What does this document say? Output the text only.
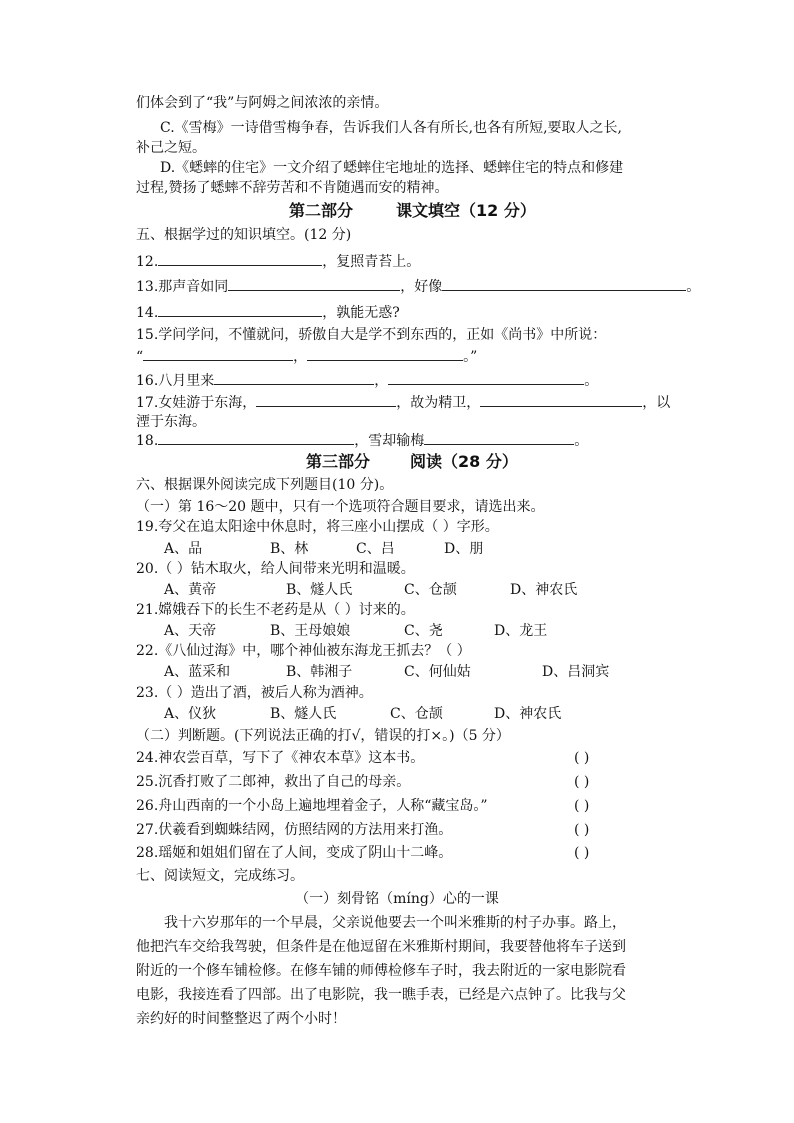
们体会到了“我”与阿姆之间浓浓的亲情。
C.《雪梅》一诗借雪梅争春，告诉我们人各有所长,也各有所短,要取人之长,
补己之短。
D.《蟋蟀的住宅》一文介绍了蟋蟀住宅地址的选择、蟋蟀住宅的特点和修建
过程,赞扬了蟋蟀不辞劳苦和不肯随遇而安的精神。
第二部分	课文填空（12 分）
五、根据学过的知识填空。(12 分)
12.	，复照青苔上。
13.那声音如同	，好像	。
14.	，孰能无惑?
15.学问学问，不懂就问，骄傲自大是学不到东西的，正如《尚书》中所说：
“	，	。”
16.八月里来	，	。
17.女娃游于东海，	，故为精卫，	，以
湮于东海。
18.	，雪却输梅	。
第三部分	阅读（28 分）
六、根据课外阅读完成下列题目(10 分)。
（一）第 16～20 题中，只有一个选项符合题目要求，请选出来。
19.夸父在追太阳途中休息时，将三座小山摆成（ ）字形。
A、品	B、林	C、吕	D、朋
20.（ ）钻木取火，给人间带来光明和温暖。
A、黄帝	B、燧人氏	C、仓颉	D、神农氏
21.嫦娥吞下的长生不老药是从（ ）讨来的。
A、天帝	B、王母娘娘	C、尧	D、龙王
22.《八仙过海》中，哪个神仙被东海龙王抓去？（ ）
A、蓝采和	B、韩湘子	C、何仙姑	D、吕洞宾
23.（ ）造出了酒，被后人称为酒神。
A、仪狄	B、燧人氏	C、仓颉	D、神农氏
（二）判断题。(下列说法正确的打√，错误的打×。)（5 分）
24.神农尝百草，写下了《神农本草》这本书。	( )
25.沉香打败了二郎神，救出了自己的母亲。	( )
26.舟山西南的一个小岛上遍地埋着金子，人称“藏宝岛。”	( )
27.伏羲看到蜘蛛结网，仿照结网的方法用来打渔。	( )
28.瑶姬和姐姐们留在了人间，变成了阴山十二峰。	( )
七、阅读短文，完成练习。
（一）刻骨铭（míng）心的一课
我十六岁那年的一个早晨，父亲说他要去一个叫米雅斯的村子办事。路上，
他把汽车交给我驾驶，但条件是在他逗留在米雅斯村期间，我要替他将车子送到
附近的一个修车铺检修。在修车铺的师傅检修车子时，我去附近的一家电影院看
电影，我接连看了四部。出了电影院，我一瞧手表，已经是六点钟了。比我与父
亲约好的时间整整迟了两个小时！
